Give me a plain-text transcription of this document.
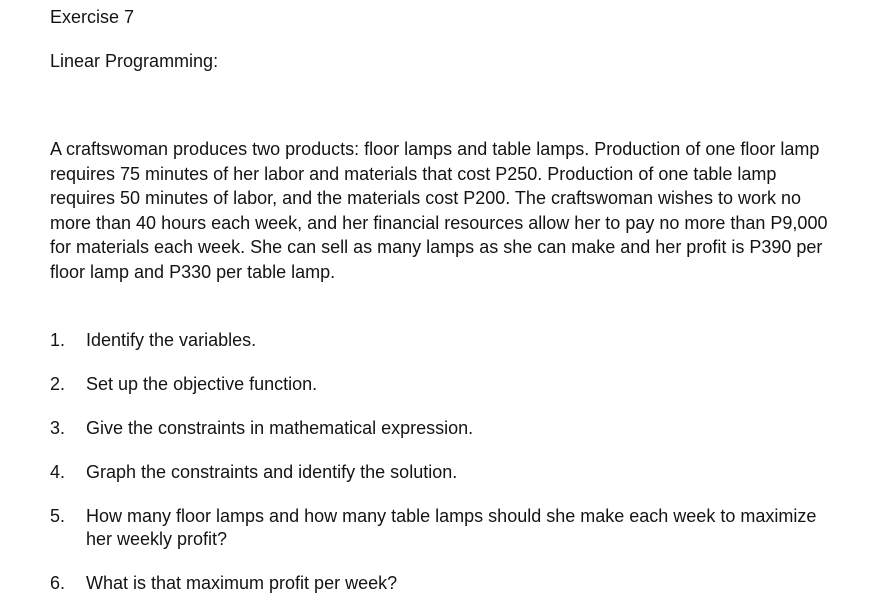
Exercise 7
Linear Programming:

A craftswoman produces two products: floor lamps and table lamps. Production of one floor lamp requires 75 minutes of her labor and materials that cost P250. Production of one table lamp requires 50 minutes of labor, and the materials cost P200. The craftswoman wishes to work no more than 40 hours each week, and her financial resources allow her to pay no more than P9,000 for materials each week. She can sell as many lamps as she can make and her profit is P390 per floor lamp and P330 per table lamp.

1.	Identify the variables.
2.	Set up the objective function.
3.	Give the constraints in mathematical expression.
4.	Graph the constraints and identify the solution.
5.	How many floor lamps and how many table lamps should she make each week to maximize her weekly profit?
6.	What is that maximum profit per week?
